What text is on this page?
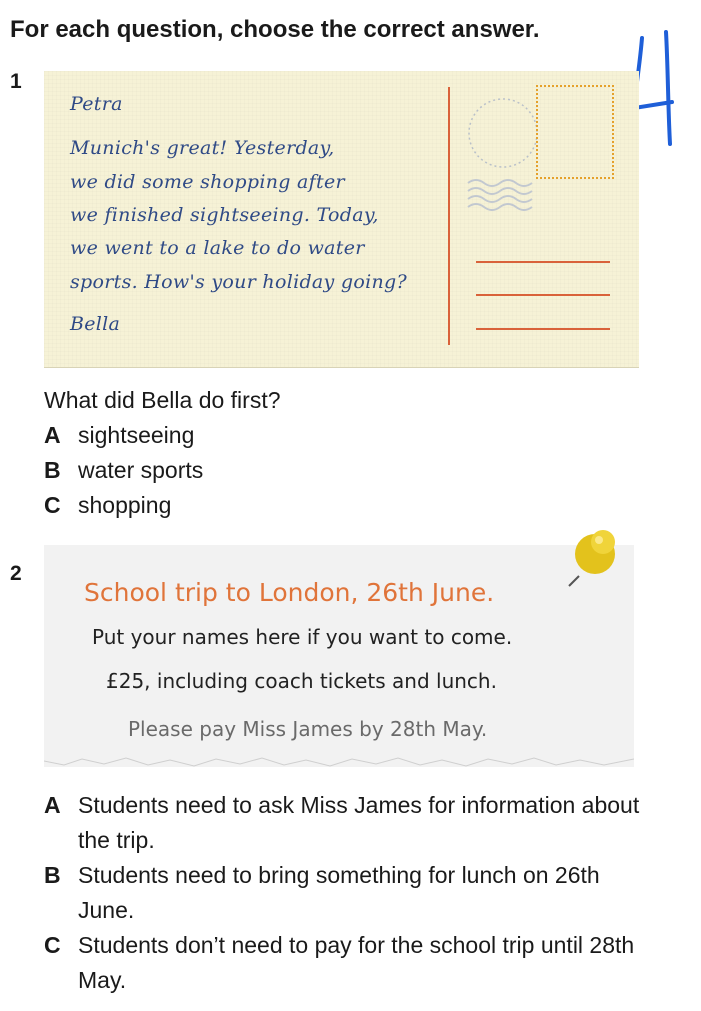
For each question, choose the correct answer.
1
Petra
Munich's great! Yesterday,
we did some shopping after
we finished sightseeing. Today,
we went to a lake to do water
sports. How's your holiday going?
Bella
What did Bella do first?
A sightseeing
B water sports
C shopping
2
School trip to London, 26th June.
Put your names here if you want to come.
£25, including coach tickets and lunch.
Please pay Miss James by 28th May.
A Students need to ask Miss James for information about the trip.
B Students need to bring something for lunch on 26th June.
C Students don’t need to pay for the school trip until 28th May.
